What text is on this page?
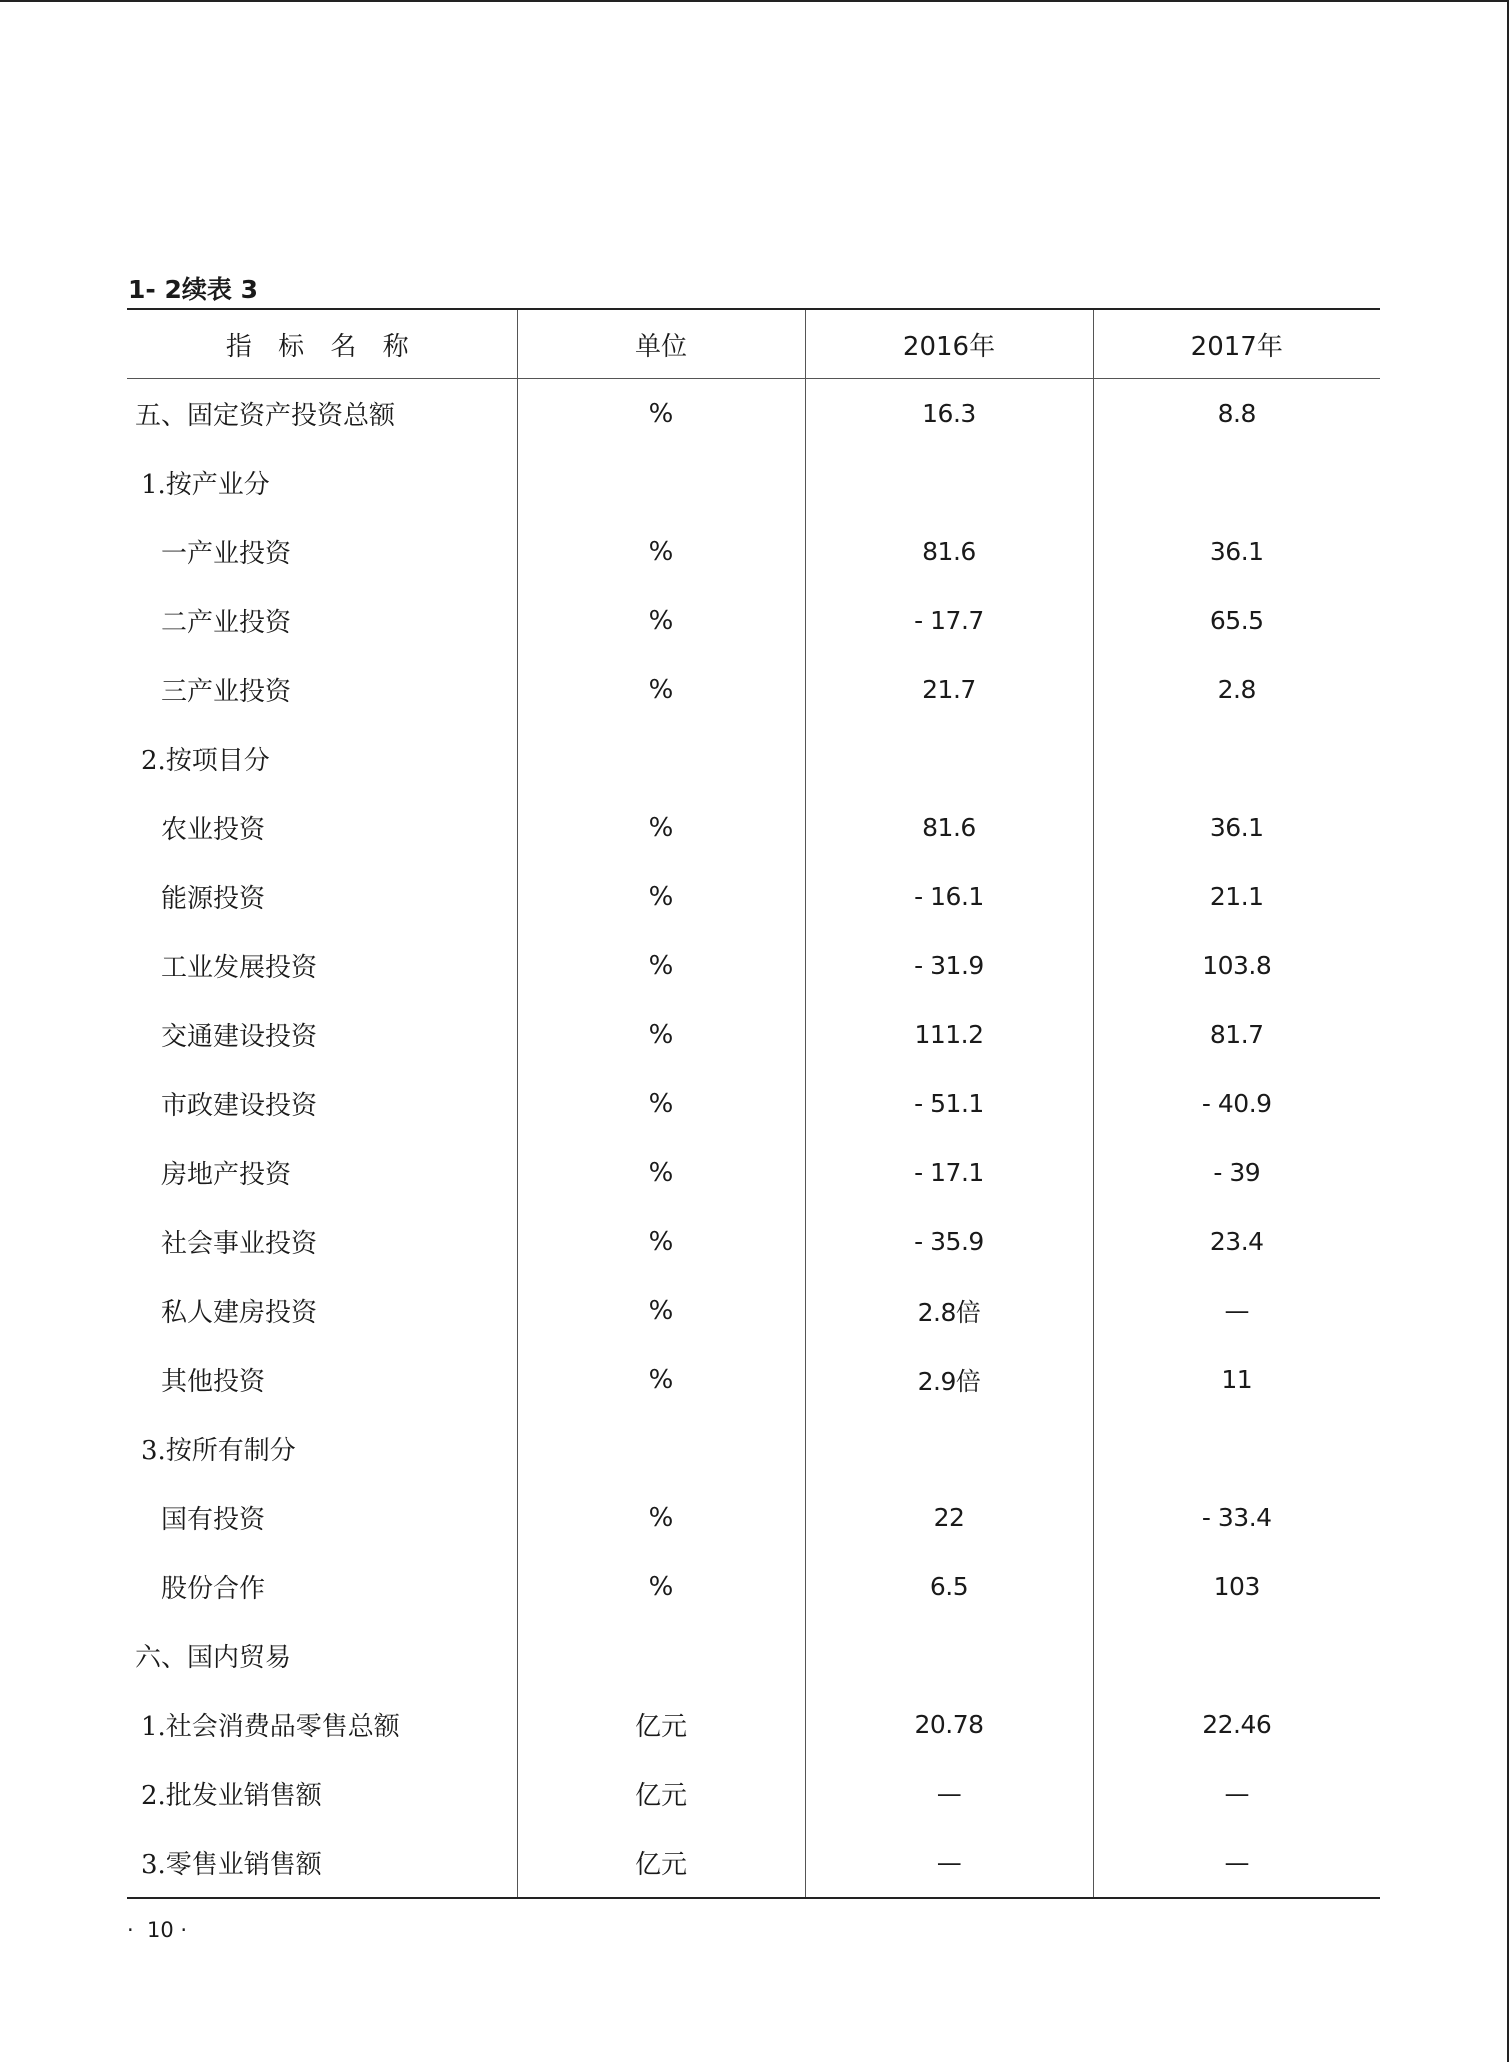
1- 2续表 3
指 标 名 称	单位	2016年	2017年
五、固定资产投资总额	%	16.3	8.8
1.按产业分			
一产业投资	%	81.6	36.1
二产业投资	%	- 17.7	65.5
三产业投资	%	21.7	2.8
2.按项目分			
农业投资	%	81.6	36.1
能源投资	%	- 16.1	21.1
工业发展投资	%	- 31.9	103.8
交通建设投资	%	111.2	81.7
市政建设投资	%	- 51.1	- 40.9
房地产投资	%	- 17.1	- 39
社会事业投资	%	- 35.9	23.4
私人建房投资	%	2.8倍	—
其他投资	%	2.9倍	11
3.按所有制分			
国有投资	%	22	- 33.4
股份合作	%	6.5	103
六、国内贸易			
1.社会消费品零售总额	亿元	20.78	22.46
2.批发业销售额	亿元	—	—
3.零售业销售额	亿元	—	—
·  10 ·
